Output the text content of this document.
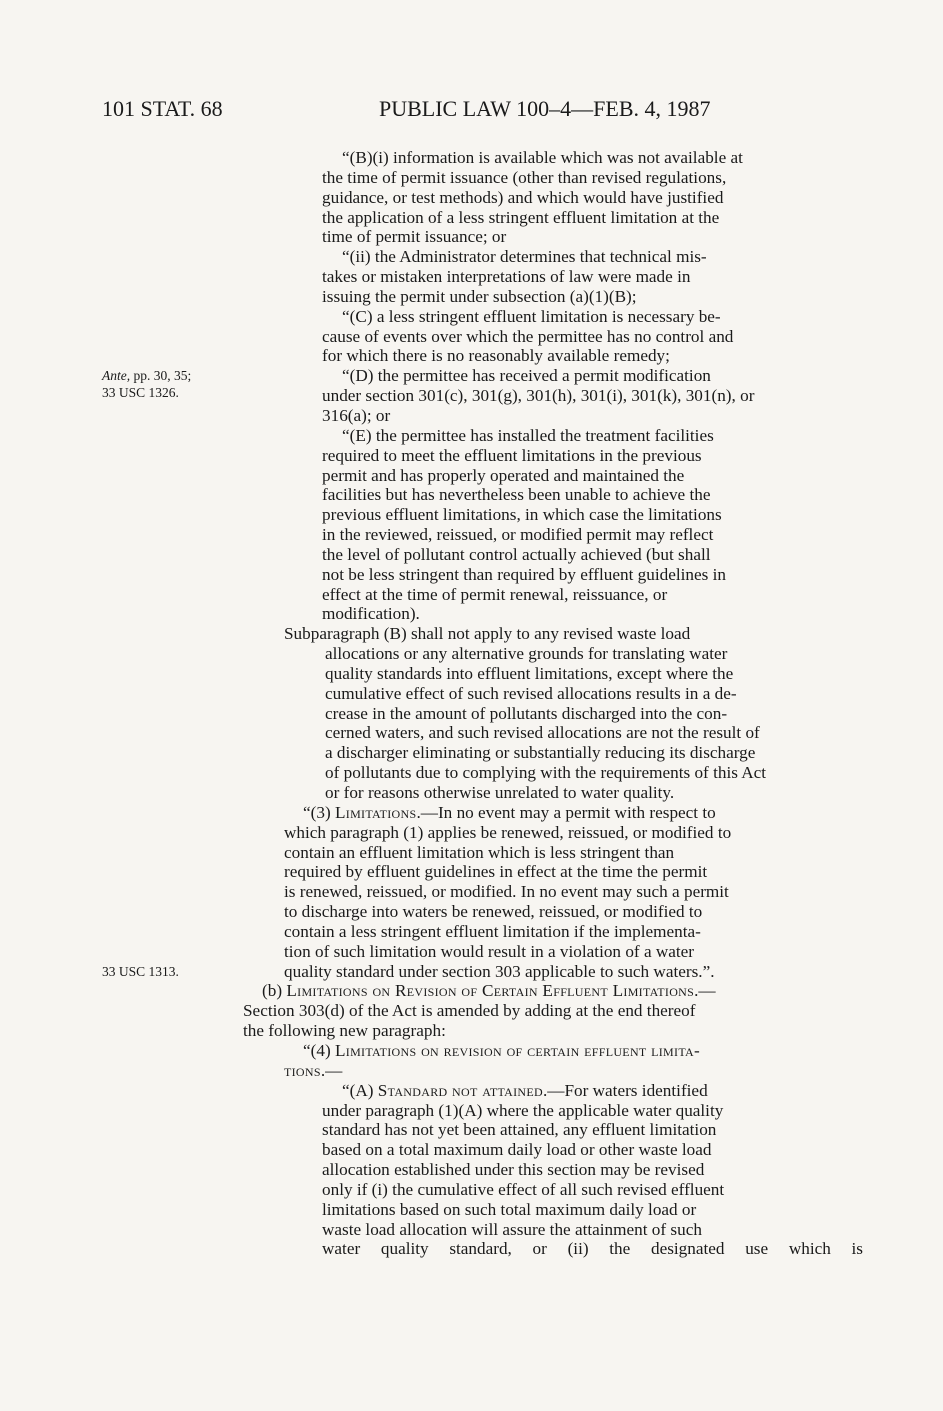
101 STAT. 68	PUBLIC LAW 100–4—FEB. 4, 1987
Ante, pp. 30, 35;
33 USC 1326.
33 USC 1313.

“(B)(i) information is available which was not available at
the time of permit issuance (other than revised regulations,
guidance, or test methods) and which would have justified
the application of a less stringent effluent limitation at the
time of permit issuance; or

“(ii) the Administrator determines that technical mis-
takes or mistaken interpretations of law were made in
issuing the permit under subsection (a)(1)(B);

“(C) a less stringent effluent limitation is necessary be-
cause of events over which the permittee has no control and
for which there is no reasonably available remedy;

“(D) the permittee has received a permit modification
under section 301(c), 301(g), 301(h), 301(i), 301(k), 301(n), or
316(a); or

“(E) the permittee has installed the treatment facilities
required to meet the effluent limitations in the previous
permit and has properly operated and maintained the
facilities but has nevertheless been unable to achieve the
previous effluent limitations, in which case the limitations
in the reviewed, reissued, or modified permit may reflect
the level of pollutant control actually achieved (but shall
not be less stringent than required by effluent guidelines in
effect at the time of permit renewal, reissuance, or
modification).

Subparagraph (B) shall not apply to any revised waste load
allocations or any alternative grounds for translating water
quality standards into effluent limitations, except where the
cumulative effect of such revised allocations results in a de-
crease in the amount of pollutants discharged into the con-
cerned waters, and such revised allocations are not the result of
a discharger eliminating or substantially reducing its discharge
of pollutants due to complying with the requirements of this Act
or for reasons otherwise unrelated to water quality.

“(3) Limitations.—In no event may a permit with respect to
which paragraph (1) applies be renewed, reissued, or modified to
contain an effluent limitation which is less stringent than
required by effluent guidelines in effect at the time the permit
is renewed, reissued, or modified. In no event may such a permit
to discharge into waters be renewed, reissued, or modified to
contain a less stringent effluent limitation if the implementa-
tion of such limitation would result in a violation of a water
quality standard under section 303 applicable to such waters.”.

(b) Limitations on Revision of Certain Effluent Limitations.—
Section 303(d) of the Act is amended by adding at the end thereof
the following new paragraph:

“(4) Limitations on revision of certain effluent limita-
tions.—

“(A) Standard not attained.—For waters identified
under paragraph (1)(A) where the applicable water quality
standard has not yet been attained, any effluent limitation
based on a total maximum daily load or other waste load
allocation established under this section may be revised
only if (i) the cumulative effect of all such revised effluent
limitations based on such total maximum daily load or
waste load allocation will assure the attainment of such
water quality standard, or (ii) the designated use which is
